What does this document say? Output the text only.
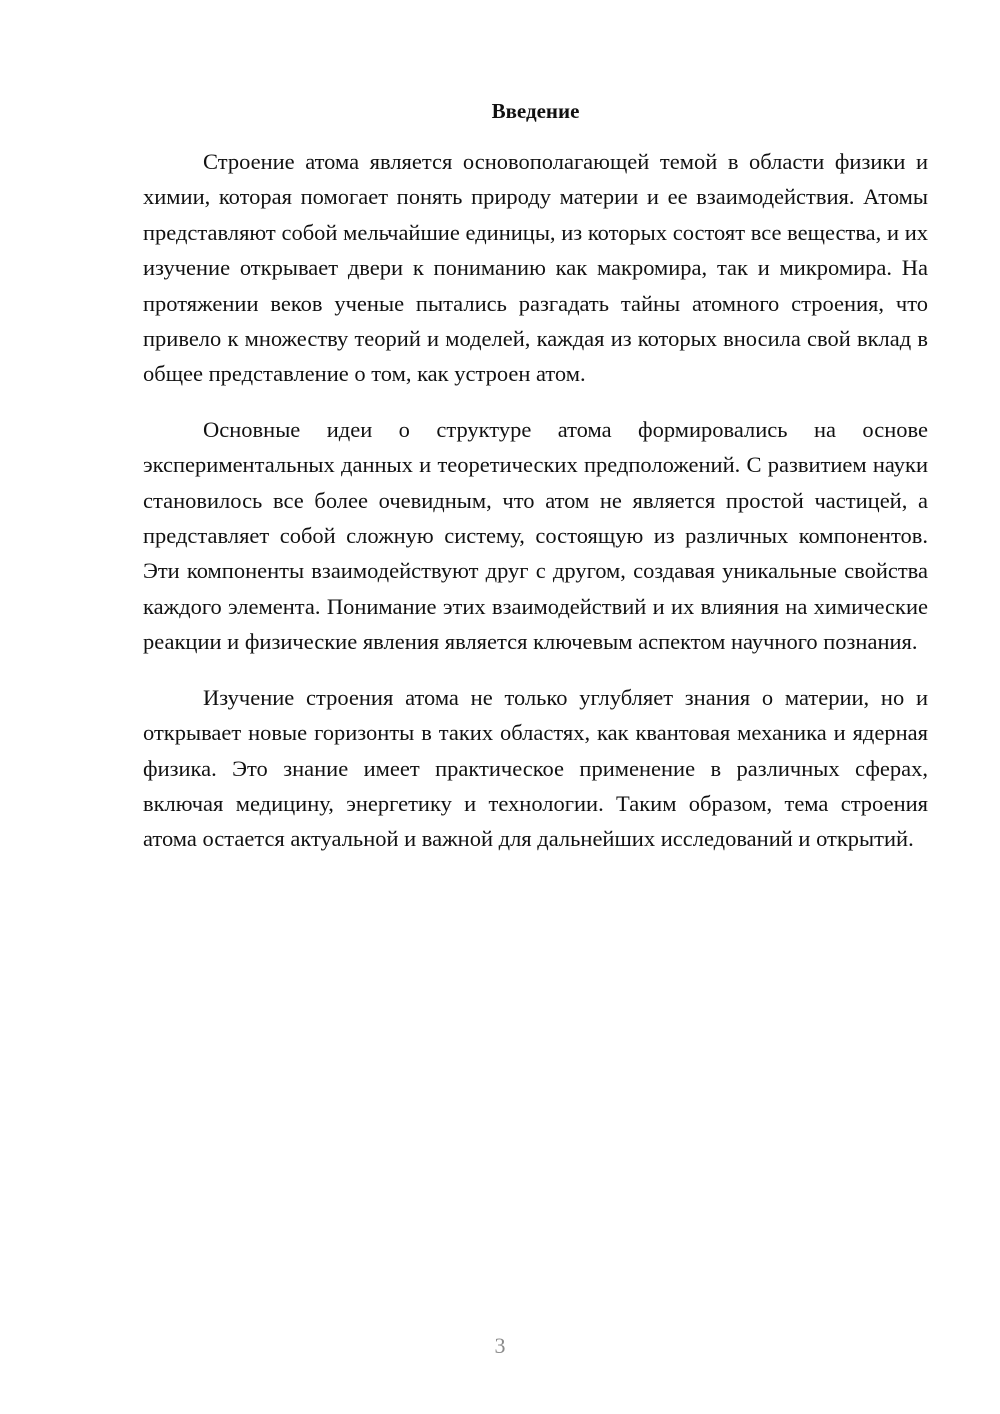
Введение

Строение атома является основополагающей темой в области физики и химии, которая помогает понять природу материи и ее взаимодействия. Атомы представляют собой мельчайшие единицы, из которых состоят все вещества, и их изучение открывает двери к пониманию как макромира, так и микромира. На протяжении веков ученые пытались разгадать тайны атомного строения, что привело к множеству теорий и моделей, каждая из которых вносила свой вклад в общее представление о том, как устроен атом.

Основные идеи о структуре атома формировались на основе экспериментальных данных и теоретических предположений. С развитием науки становилось все более очевидным, что атом не является простой частицей, а представляет собой сложную систему, состоящую из различных компонентов. Эти компоненты взаимодействуют друг с другом, создавая уникальные свойства каждого элемента. Понимание этих взаимодействий и их влияния на химические реакции и физические явления является ключевым аспектом научного познания.

Изучение строения атома не только углубляет знания о материи, но и открывает новые горизонты в таких областях, как квантовая механика и ядерная физика. Это знание имеет практическое применение в различных сферах, включая медицину, энергетику и технологии. Таким образом, тема строения атома остается актуальной и важной для дальнейших исследований и открытий.

3
